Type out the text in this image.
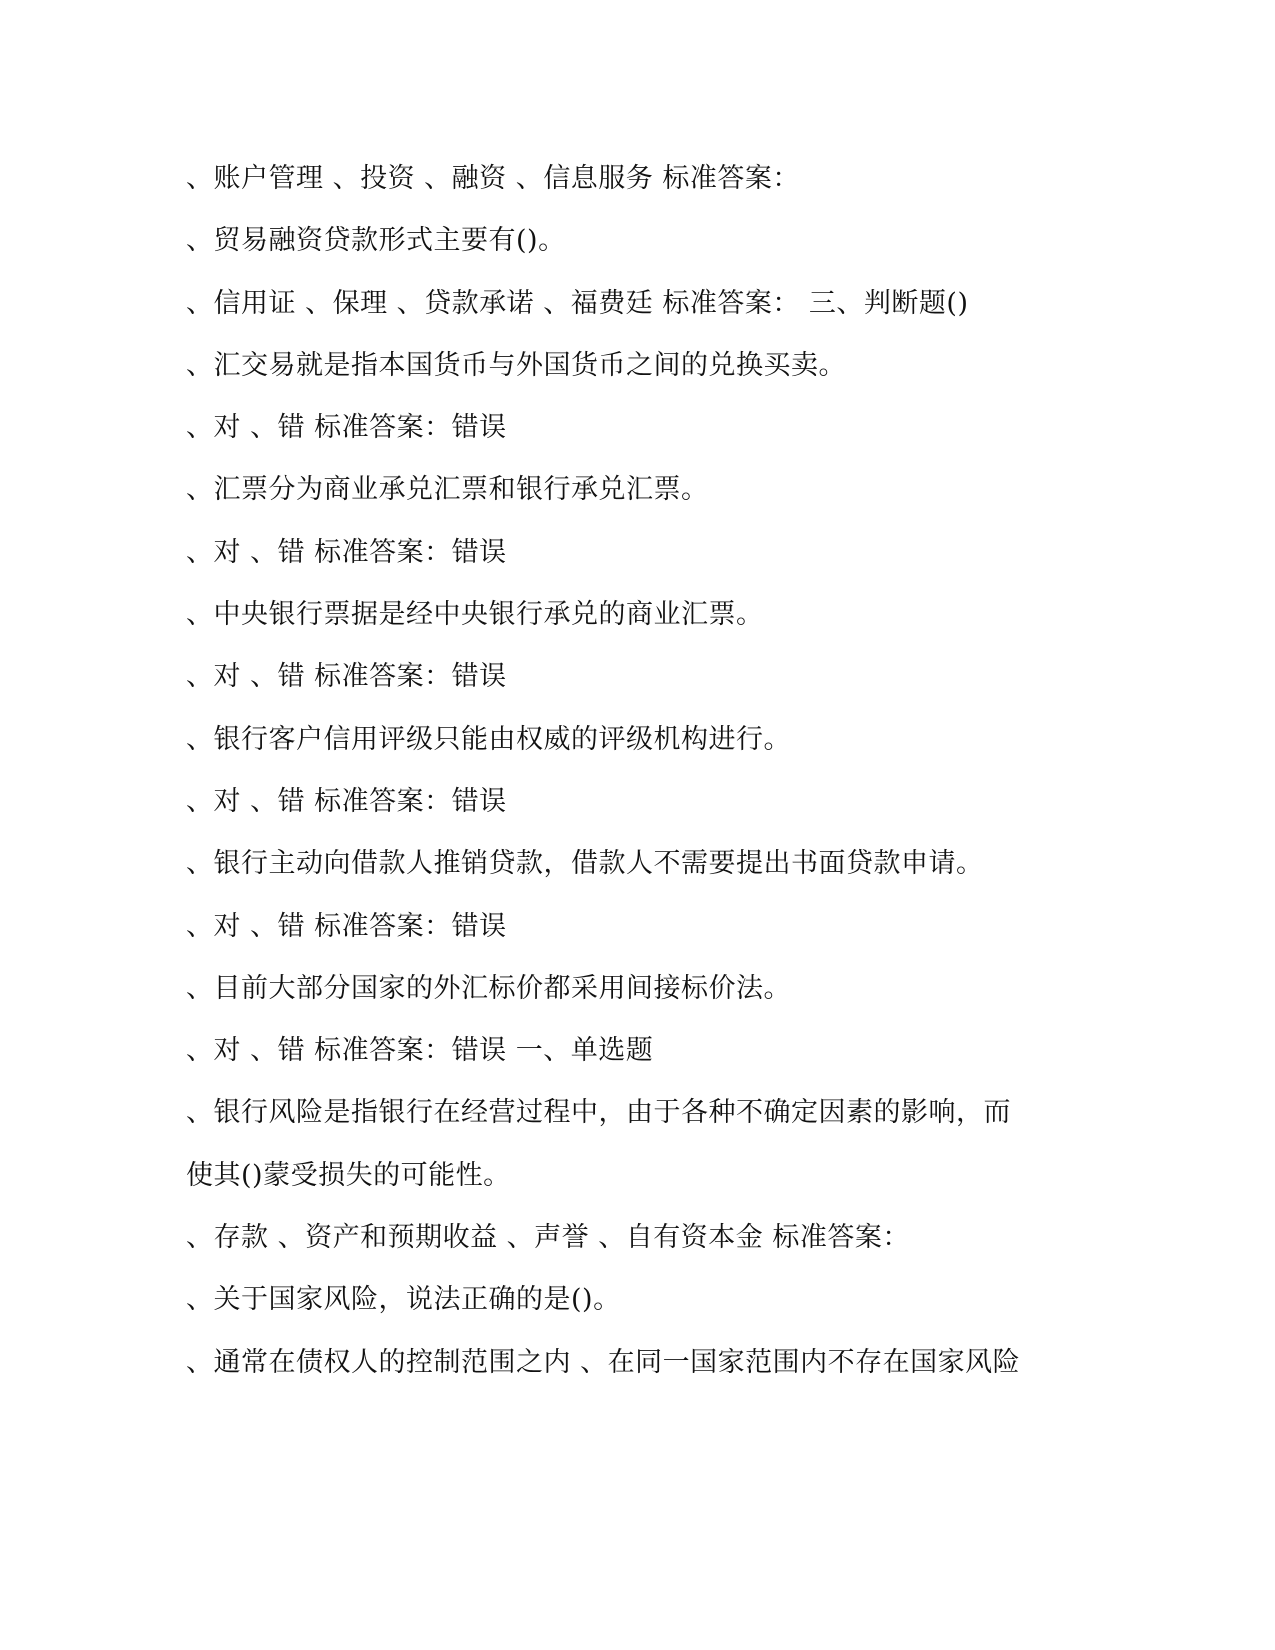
、账户管理 、投资 、融资 、信息服务 标准答案：
、贸易融资贷款形式主要有()。
、信用证 、保理 、贷款承诺 、福费廷 标准答案： 三、判断题()
、汇交易就是指本国货币与外国货币之间的兑换买卖。
、对 、错 标准答案：错误
、汇票分为商业承兑汇票和银行承兑汇票。
、对 、错 标准答案：错误
、中央银行票据是经中央银行承兑的商业汇票。
、对 、错 标准答案：错误
、银行客户信用评级只能由权威的评级机构进行。
、对 、错 标准答案：错误
、银行主动向借款人推销贷款，借款人不需要提出书面贷款申请。
、对 、错 标准答案：错误
、目前大部分国家的外汇标价都采用间接标价法。
、对 、错 标准答案：错误 一、单选题
、银行风险是指银行在经营过程中，由于各种不确定因素的影响，而
使其()蒙受损失的可能性。
、存款 、资产和预期收益 、声誉 、自有资本金 标准答案：
、关于国家风险，说法正确的是()。
、通常在债权人的控制范围之内 、在同一国家范围内不存在国家风险
